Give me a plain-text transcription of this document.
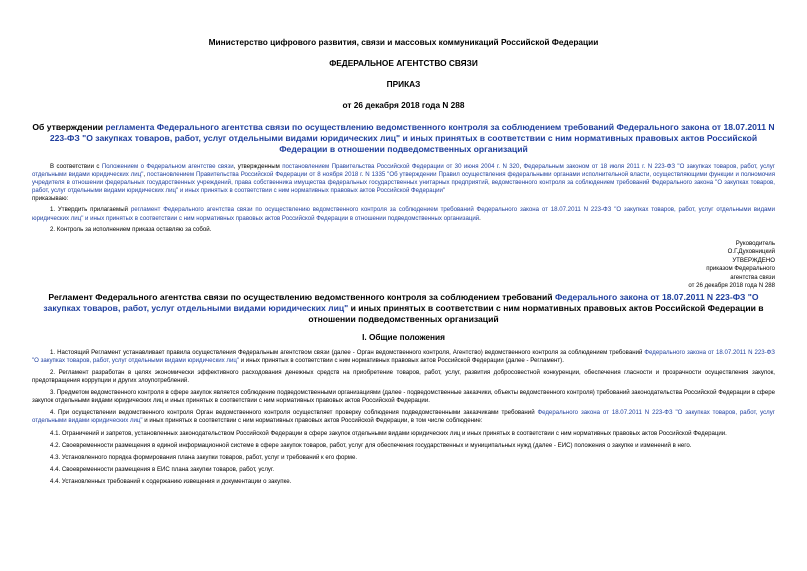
Министерство цифрового развития, связи и массовых коммуникаций Российской Федерации
ФЕДЕРАЛЬНОЕ АГЕНТСТВО СВЯЗИ
ПРИКАЗ
от 26 декабря 2018 года N 288
Об утверждении регламента Федерального агентства связи по осуществлению ведомственного контроля за соблюдением требований Федерального закона от 18.07.2011 N 223-ФЗ "О закупках товаров, работ, услуг отдельными видами юридических лиц" и иных принятых в соответствии с ним нормативных правовых актов Российской Федерации в отношении подведомственных организаций

В соответствии с Положением о Федеральном агентстве связи, утвержденным постановлением Правительства Российской Федерации от 30 июня 2004 г. N 320, Федеральным законом от 18 июля 2011 г. N 223-ФЗ "О закупках товаров, работ, услуг отдельными видами юридических лиц", постановлением Правительства Российской Федерации от 8 ноября 2018 г. N 1335 "Об утверждении Правил осуществления федеральными органами исполнительной власти, осуществляющими функции и полномочия учредителя в отношении федеральных государственных учреждений, права собственника имущества федеральных государственных унитарных предприятий, ведомственного контроля за соблюдением требований Федерального закона "О закупках товаров, работ, услуг отдельными видами юридических лиц" и иных принятых в соответствии с ним нормативных правовых актов Российской Федерации"

приказываю:

1. Утвердить прилагаемый регламент Федерального агентства связи по осуществлению ведомственного контроля за соблюдением требований Федерального закона от 18.07.2011 N 223-ФЗ "О закупках товаров, работ, услуг отдельными видами юридических лиц" и иных принятых в соответствии с ним нормативных правовых актов Российской Федерации в отношении подведомственных организаций.

2. Контроль за исполнением приказа оставляю за собой.

Руководитель
О.Г.Духовницкий
УТВЕРЖДЕНО
приказом Федерального
агентства связи
от 26 декабря 2018 года N 288
Регламент Федерального агентства связи по осуществлению ведомственного контроля за соблюдением требований Федерального закона от 18.07.2011 N 223-ФЗ "О закупках товаров, работ, услуг отдельными видами юридических лиц" и иных принятых в соответствии с ним нормативных правовых актов Российской Федерации в отношении подведомственных организаций
I. Общие положения

1. Настоящий Регламент устанавливает правила осуществления Федеральным агентством связи (далее - Орган ведомственного контроля, Агентство) ведомственного контроля за соблюдением требований Федерального закона от 18.07.2011 N 223-ФЗ "О закупках товаров, работ, услуг отдельными видами юридических лиц" и иных принятых в соответствии с ним нормативных правовых актов Российской Федерации (далее - Регламент).

2. Регламент разработан в целях экономически эффективного расходования денежных средств на приобретение товаров, работ, услуг, развития добросовестной конкуренции, обеспечения гласности и прозрачности осуществления закупок, предотвращения коррупции и других злоупотреблений.

3. Предметом ведомственного контроля в сфере закупок является соблюдение подведомственными организациями (далее - подведомственные заказчики, объекты ведомственного контроля) требований законодательства Российской Федерации в сфере закупок отдельными видами юридических лиц и иных принятых в соответствии с ним нормативных правовых актов Российской Федерации.

4. При осуществлении ведомственного контроля Орган ведомственного контроля осуществляет проверку соблюдения подведомственными заказчиками требований Федерального закона от 18.07.2011 N 223-ФЗ "О закупках товаров, работ, услуг отдельными видами юридических лиц" и иных принятых в соответствии с ним нормативных правовых актов Российской Федерации, в том числе соблюдение:

4.1. Ограничений и запретов, установленных законодательством Российской Федерации в сфере закупок отдельными видами юридических лиц и иных принятых в соответствии с ним нормативных правовых актов Российской Федерации.

4.2. Своевременности размещения в единой информационной системе в сфере закупок товаров, работ, услуг для обеспечения государственных и муниципальных нужд (далее - ЕИС) положения о закупке и изменений в него.

4.3. Установленного порядка формирования плана закупки товаров, работ, услуг и требований к его форме.

4.4. Своевременности размещения в ЕИС плана закупки товаров, работ, услуг.

4.4. Установленных требований к содержанию извещения и документации о закупке.
